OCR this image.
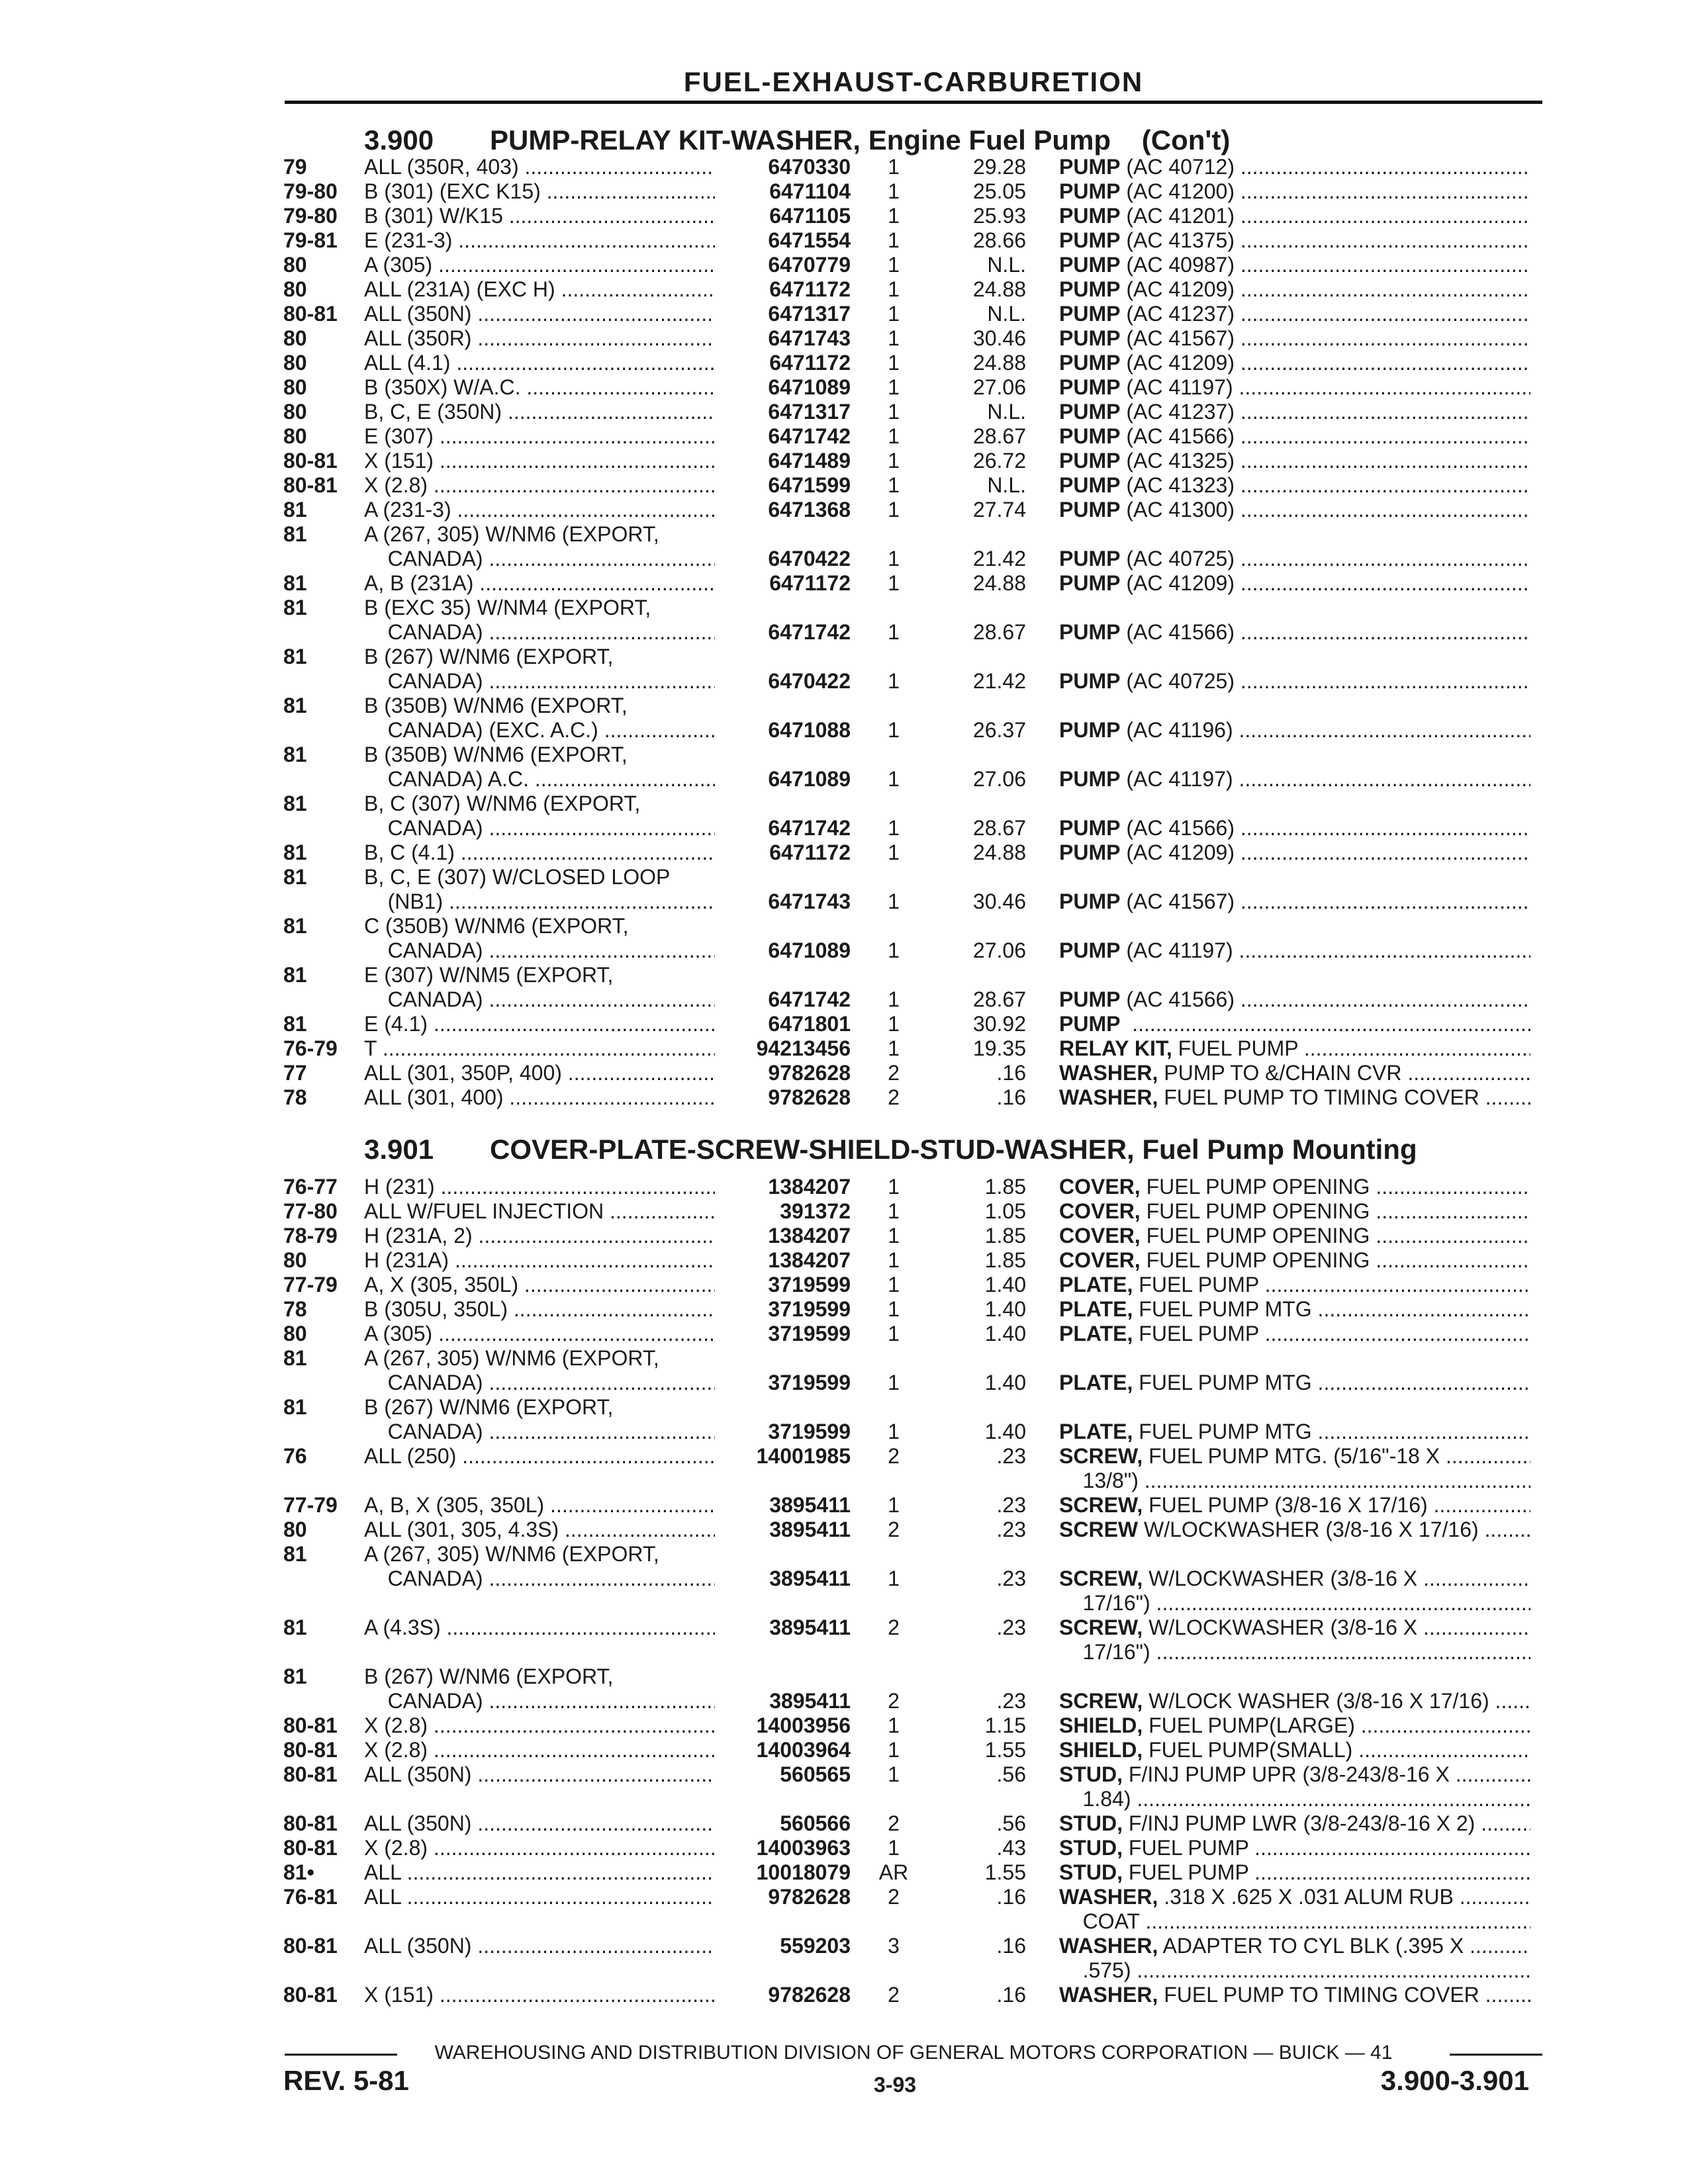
FUEL-EXHAUST-CARBURETION
3.900 PUMP-RELAY KIT-WASHER, Engine Fuel Pump (Con't)
79	ALL (350R, 403) .....	6470330	1	29.28 PUMP (AC 40712) .....
79-80 B (301) (EXC K15) .....	6471104	1	25.05 PUMP (AC 41200) .....
79-80 B (301) W/K15 .....	6471105	1	25.93 PUMP (AC 41201) .....
79-81 E (231-3) .....	6471554	1	28.66 PUMP (AC 41375) .....
80	A (305) .....	6470779	1	N.L. PUMP (AC 40987) .....
80	ALL (231A) (EXC H) .....	6471172	1	24.88 PUMP (AC 41209) .....
80-81 ALL (350N) .....	6471317	1	N.L. PUMP (AC 41237) .....
80	ALL (350R) .....	6471743	1	30.46 PUMP (AC 41567) .....
80	ALL (4.1) .....	6471172	1	24.88 PUMP (AC 41209) .....
80	B (350X) W/A.C. .....	6471089	1	27.06 PUMP (AC 41197) .....
80	B, C, E (350N) .....	6471317	1	N.L. PUMP (AC 41237) .....
80	E (307) .....	6471742	1	28.67 PUMP (AC 41566) .....
80-81 X (151) .....	6471489	1	26.72 PUMP (AC 41325) .....
80-81 X (2.8) .....	6471599	1	N.L. PUMP (AC 41323) .....
81	A (231-3) .....	6471368	1	27.74 PUMP (AC 41300) .....
81	A (267, 305) W/NM6 (EXPORT,

CANADA) .....	6470422	1	21.42 PUMP (AC 40725) .....
81	A, B (231A) .....	6471172	1	24.88 PUMP (AC 41209) .....
81	B (EXC 35) W/NM4 (EXPORT,

CANADA) .....	6471742	1	28.67 PUMP (AC 41566) .....
81	B (267) W/NM6 (EXPORT,

CANADA) .....	6470422	1	21.42 PUMP (AC 40725) .....
81	B (350B) W/NM6 (EXPORT,

CANADA) (EXC. A.C.) .....	6471088	1	26.37 PUMP (AC 41196) .....
81	B (350B) W/NM6 (EXPORT,

CANADA) A.C. .....	6471089	1	27.06 PUMP (AC 41197) .....
81	B, C (307) W/NM6 (EXPORT,

CANADA) .....	6471742	1	28.67 PUMP (AC 41566) .....
81	B, C (4.1) .....	6471172	1	24.88 PUMP (AC 41209) .....
81	B, C, E (307) W/CLOSED LOOP

(NB1) .....	6471743	1	30.46 PUMP (AC 41567) .....
81	C (350B) W/NM6 (EXPORT,

CANADA) .....	6471089	1	27.06 PUMP (AC 41197) .....
81	E (307) W/NM5 (EXPORT,

CANADA) .....	6471742	1	28.67 PUMP (AC 41566) .....
81	E (4.1) .....	6471801	1	30.92 PUMP  .....
76-79 T .....	94213456	1	19.35 RELAY KIT, FUEL PUMP .....
77	ALL (301, 350P, 400) .....	9782628	2	.16 WASHER, PUMP TO &/CHAIN CVR .....
78	ALL (301, 400) .....	9782628	2	.16 WASHER, FUEL PUMP TO TIMING COVER .....
3.901 COVER-PLATE-SCREW-SHIELD-STUD-WASHER, Fuel Pump Mounting
76-77 H (231) .....	1384207	1	1.85 COVER, FUEL PUMP OPENING .....
77-80 ALL W/FUEL INJECTION .....	391372	1	1.05 COVER, FUEL PUMP OPENING .....
78-79 H (231A, 2) .....	1384207	1	1.85 COVER, FUEL PUMP OPENING .....
80	H (231A) .....	1384207	1	1.85 COVER, FUEL PUMP OPENING .....
77-79 A, X (305, 350L) .....	3719599	1	1.40 PLATE, FUEL PUMP .....
78	B (305U, 350L) .....	3719599	1	1.40 PLATE, FUEL PUMP MTG .....
80	A (305) .....	3719599	1	1.40 PLATE, FUEL PUMP .....
81	A (267, 305) W/NM6 (EXPORT,

CANADA) .....	3719599	1	1.40 PLATE, FUEL PUMP MTG .....
81	B (267) W/NM6 (EXPORT,

CANADA) .....	3719599	1	1.40 PLATE, FUEL PUMP MTG .....
76	ALL (250) .....	14001985	2	.23 SCREW, FUEL PUMP MTG. (5/16"-18 X .....
13/8") .....
77-79 A, B, X (305, 350L) .....	3895411	1	.23 SCREW, FUEL PUMP (3/8-16 X 17/16) .....
80	ALL (301, 305, 4.3S) .....	3895411	2	.23 SCREW W/LOCKWASHER (3/8-16 X 17/16) .....
81	A (267, 305) W/NM6 (EXPORT,

CANADA) .....	3895411	1	.23 SCREW, W/LOCKWASHER (3/8-16 X .....
17/16") .....
81	A (4.3S) .....	3895411	2	.23 SCREW, W/LOCKWASHER (3/8-16 X .....
17/16") .....
81	B (267) W/NM6 (EXPORT,

CANADA) .....	3895411	2	.23 SCREW, W/LOCK WASHER (3/8-16 X 17/16) .....
80-81 X (2.8) .....	14003956	1	1.15 SHIELD, FUEL PUMP(LARGE) .....
80-81 X (2.8) .....	14003964	1	1.55 SHIELD, FUEL PUMP(SMALL) .....
80-81 ALL (350N) .....	560565	1	.56 STUD, F/INJ PUMP UPR (3/8-243/8-16 X .....
1.84) .....
80-81 ALL (350N) .....	560566	2	.56 STUD, F/INJ PUMP LWR (3/8-243/8-16 X 2) .....
80-81 X (2.8) .....	14003963	1	.43 STUD, FUEL PUMP .....
81• ALL .....	10018079 AR	1.55 STUD, FUEL PUMP .....
76-81 ALL .....	9782628	2	.16 WASHER, .318 X .625 X .031 ALUM RUB .....
COAT .....
80-81 ALL (350N) .....	559203	3	.16 WASHER, ADAPTER TO CYL BLK (.395 X .....
.575) .....
80-81 X (151) .....	9782628	2	.16 WASHER, FUEL PUMP TO TIMING COVER .....
WAREHOUSING AND DISTRIBUTION DIVISION OF GENERAL MOTORS CORPORATION — BUICK — 41
REV. 5-81	3-93	3.900-3.901
